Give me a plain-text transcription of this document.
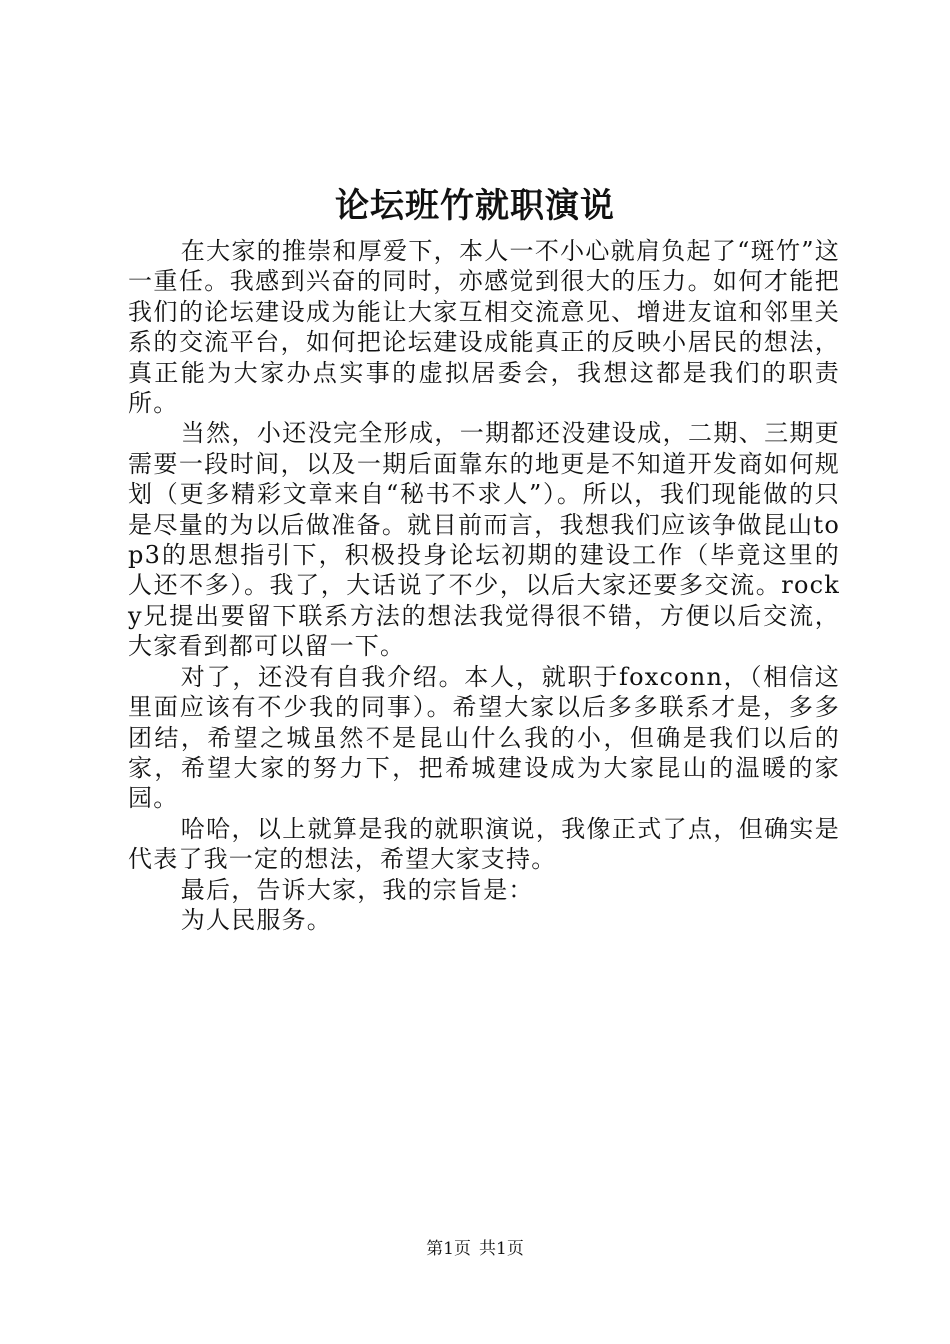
论坛班竹就职演说

在大家的推崇和厚爱下，本人一不小心就肩负起了“斑竹”这一重任。我感到兴奋的同时，亦感觉到很大的压力。如何才能把我们的论坛建设成为能让大家互相交流意见、增进友谊和邻里关系的交流平台，如何把论坛建设成能真正的反映小居民的想法，真正能为大家办点实事的虚拟居委会，我想这都是我们的职责所。

当然，小还没完全形成，一期都还没建设成，二期、三期更需要一段时间，以及一期后面靠东的地更是不知道开发商如何规划（更多精彩文章来自“秘书不求人”）。所以，我们现能做的只是尽量的为以后做准备。就目前而言，我想我们应该争做昆山top3的思想指引下，积极投身论坛初期的建设工作（毕竟这里的人还不多）。我了，大话说了不少，以后大家还要多交流。rocky兄提出要留下联系方法的想法我觉得很不错，方便以后交流，大家看到都可以留一下。

对了，还没有自我介绍。本人，就职于foxconn，（相信这里面应该有不少我的同事）。希望大家以后多多联系才是，多多团结，希望之城虽然不是昆山什么我的小，但确是我们以后的家，希望大家的努力下，把希城建设成为大家昆山的温暖的家园。

哈哈，以上就算是我的就职演说，我像正式了点，但确实是代表了我一定的想法，希望大家支持。

最后，告诉大家，我的宗旨是：

为人民服务。

第1页 共1页
